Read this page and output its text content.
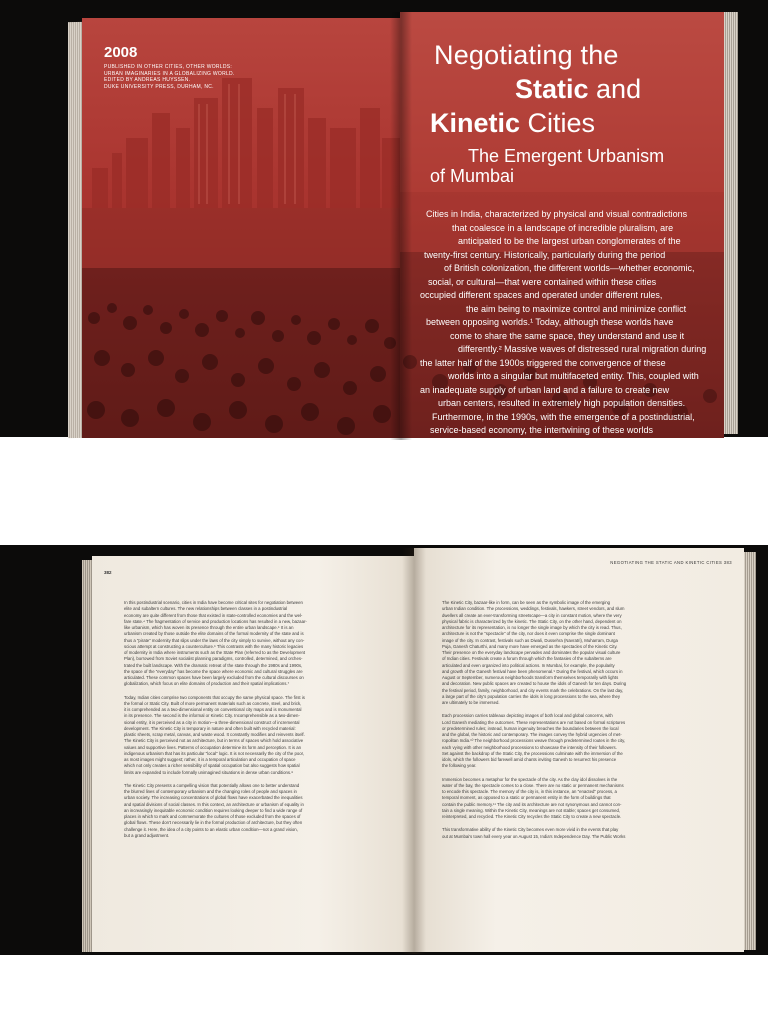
2008
PUBLISHED IN OTHER CITIES, OTHER WORLDS:
URBAN IMAGINARIES IN A GLOBALIZING WORLD.
EDITED BY ANDREAS HUYSSEN.
DUKE UNIVERSITY PRESS, DURHAM, NC.
Negotiating the
Static and
Kinetic Cities
The Emergent Urbanism
of Mumbai
Cities in India, characterized by physical and visual contradictions
that coalesce in a landscape of incredible pluralism, are
anticipated to be the largest urban conglomerates of the
twenty-first century. Historically, particularly during the period
of British colonization, the different worlds—whether economic,
social, or cultural—that were contained within these cities
occupied different spaces and operated under different rules,
the aim being to maximize control and minimize conflict
between opposing worlds.¹ Today, although these worlds have
come to share the same space, they understand and use it
differently.² Massive waves of distressed rural migration during
the latter half of the 1900s triggered the convergence of these
worlds into a singular but multifaceted entity. This, coupled with
an inadequate supply of urban land and a failure to create new
urban centers, resulted in extremely high population densities.
Furthermore, in the 1990s, with the emergence of a postindustrial,
service-based economy, the intertwining of these worlds
within the same space became even more intense.³
382
NEGOTIATING THE STATIC AND KINETIC CITIES 383

In this postindustrial scenario, cities in India have become critical sites for negotiation between
elite and subaltern cultures. The new relationships between classes in a postindustrial
economy are quite different from those that existed in state-controlled economies and the wel-
fare state.⁴ The fragmentation of service and production locations has resulted in a new, bazaar-
like urbanism, which has woven its presence through the entire urban landscape.⁵ It is an
urbanism created by those outside the elite domains of the formal modernity of the state and is
thus a "pirate" modernity that slips under the laws of the city simply to survive, without any con-
scious attempt at constructing a counterculture.⁶ This contrasts with the many historic legacies
of modernity in India where instruments such as the State Plan (referred to as the Development
Plan), borrowed from Soviet socialist planning paradigms, controlled, determined, and orches-
trated the built landscape. With the dramatic retreat of the state through the 1980s and 1990s,
the space of the "everyday" has become the space where economic and cultural struggles are
articulated. These common spaces have been largely excluded from the cultural discourses on
globalization, which focus on elite domains of production and their spatial implications.⁷

Today, Indian cities comprise two components that occupy the same physical space. The first is
the formal or Static City. Built of more permanent materials such as concrete, steel, and brick,
it is comprehended as a two-dimensional entity on conventional city maps and is monumental
in its presence. The second is the informal or Kinetic City. Incomprehensible as a two-dimen-
sional entity, it is perceived as a city in motion—a three-dimensional construct of incremental
development. The Kinetic City is temporary in nature and often built with recycled material:
plastic sheets, scrap metal, canvas, and waste wood. It constantly modifies and reinvents itself.
The Kinetic City is perceived not as architecture, but in terms of spaces which hold associative
values and supportive lives. Patterns of occupation determine its form and perception. It is an
indigenous urbanism that has its particular "local" logic. It is not necessarily the city of the poor,
as most images might suggest; rather, it is a temporal articulation and occupation of space
which not only creates a richer sensibility of spatial occupation but also suggests how spatial
limits are expanded to include formally unimagined situations in dense urban conditions.⁸

The Kinetic City presents a compelling vision that potentially allows one to better understand
the blurred lines of contemporary urbanism and the changing roles of people and spaces in
urban society. The increasing concentrations of global flows have exacerbated the inequalities
and spatial divisions of social classes. In this context, an architecture or urbanism of equality in
an increasingly inequitable economic condition requires looking deeper to find a wide range of
places in which to mark and commemorate the cultures of those excluded from the spaces of
global flows. These don't necessarily lie in the formal production of architecture, but they often
challenge it. Here, the idea of a city points to an elastic urban condition—not a grand vision,
but a grand adjustment.

The Kinetic City, bazaar-like in form, can be seen as the symbolic image of the emerging
urban Indian condition. The processions, weddings, festivals, hawkers, street vendors, and slum
dwellers all create an ever-transforming streetscape—a city in constant motion, where the very
physical fabric is characterized by the kinetic. The Static City, on the other hand, dependent on
architecture for its representation, is no longer the single image by which the city is read. Thus,
architecture is not the "spectacle" of the city, nor does it even comprise the single dominant
image of the city. In contrast, festivals such as Diwali, Dussehra (Navratri), Muharram, Durga
Puja, Ganesh Chaturthi, and many more have emerged as the spectacles of the Kinetic City.
Their presence on the everyday landscape pervades and dominates the popular visual culture
of Indian cities. Festivals create a forum through which the fantasies of the subalterns are
articulated and even organized into political actions. In Mumbai, for example, the popularity
and growth of the Ganesh festival have been phenomenal.⁹ During the festival, which occurs in
August or September, numerous neighborhoods transform themselves temporarily with lights
and decoration. New public spaces are created to house the idols of Ganesh for ten days. During
the festival period, family, neighborhood, and city events mark the celebrations. On the last day,
a large part of the city's population carries the idols in long processions to the sea, where they
are ultimately to be immersed.

Each procession carries tableaux depicting images of both local and global concerns, with
Lord Ganesh mediating the outcomes. These representations are not based on formal scriptures
or predetermined rules; instead, human ingenuity breaches the boundaries between the local
and the global, the historic and contemporary. The images convey the hybrid urgencies of met-
ropolitan India.¹⁰ The neighborhood processions weave through predetermined routes in the city,
each vying with other neighborhood processions to showcase the intensity of their followers.
Set against the backdrop of the Static City, the processions culminate with the immersion of the
idols, which the followers bid farewell amid chants inviting Ganesh to resurrect his presence
the following year.

Immersion becomes a metaphor for the spectacle of the city. As the clay idol dissolves in the
water of the bay, the spectacle comes to a close. There are no static or permanent mechanisms
to encode this spectacle. The memory of the city is, in this instance, an "enacted" process, a
temporal moment, as opposed to a static or permanent entity in the form of buildings that
contain the public memory.¹¹ The city and its architecture are not synonymous and cannot con-
tain a single meaning. Within the Kinetic City, meanings are not stable; spaces get consumed,
reinterpreted, and recycled. The Kinetic City recycles the Static City to create a new spectacle.

This transformative ability of the Kinetic City becomes even more vivid in the events that play
out at Mumbai's town hall every year on August 15, India's Independence Day. The Public Works
